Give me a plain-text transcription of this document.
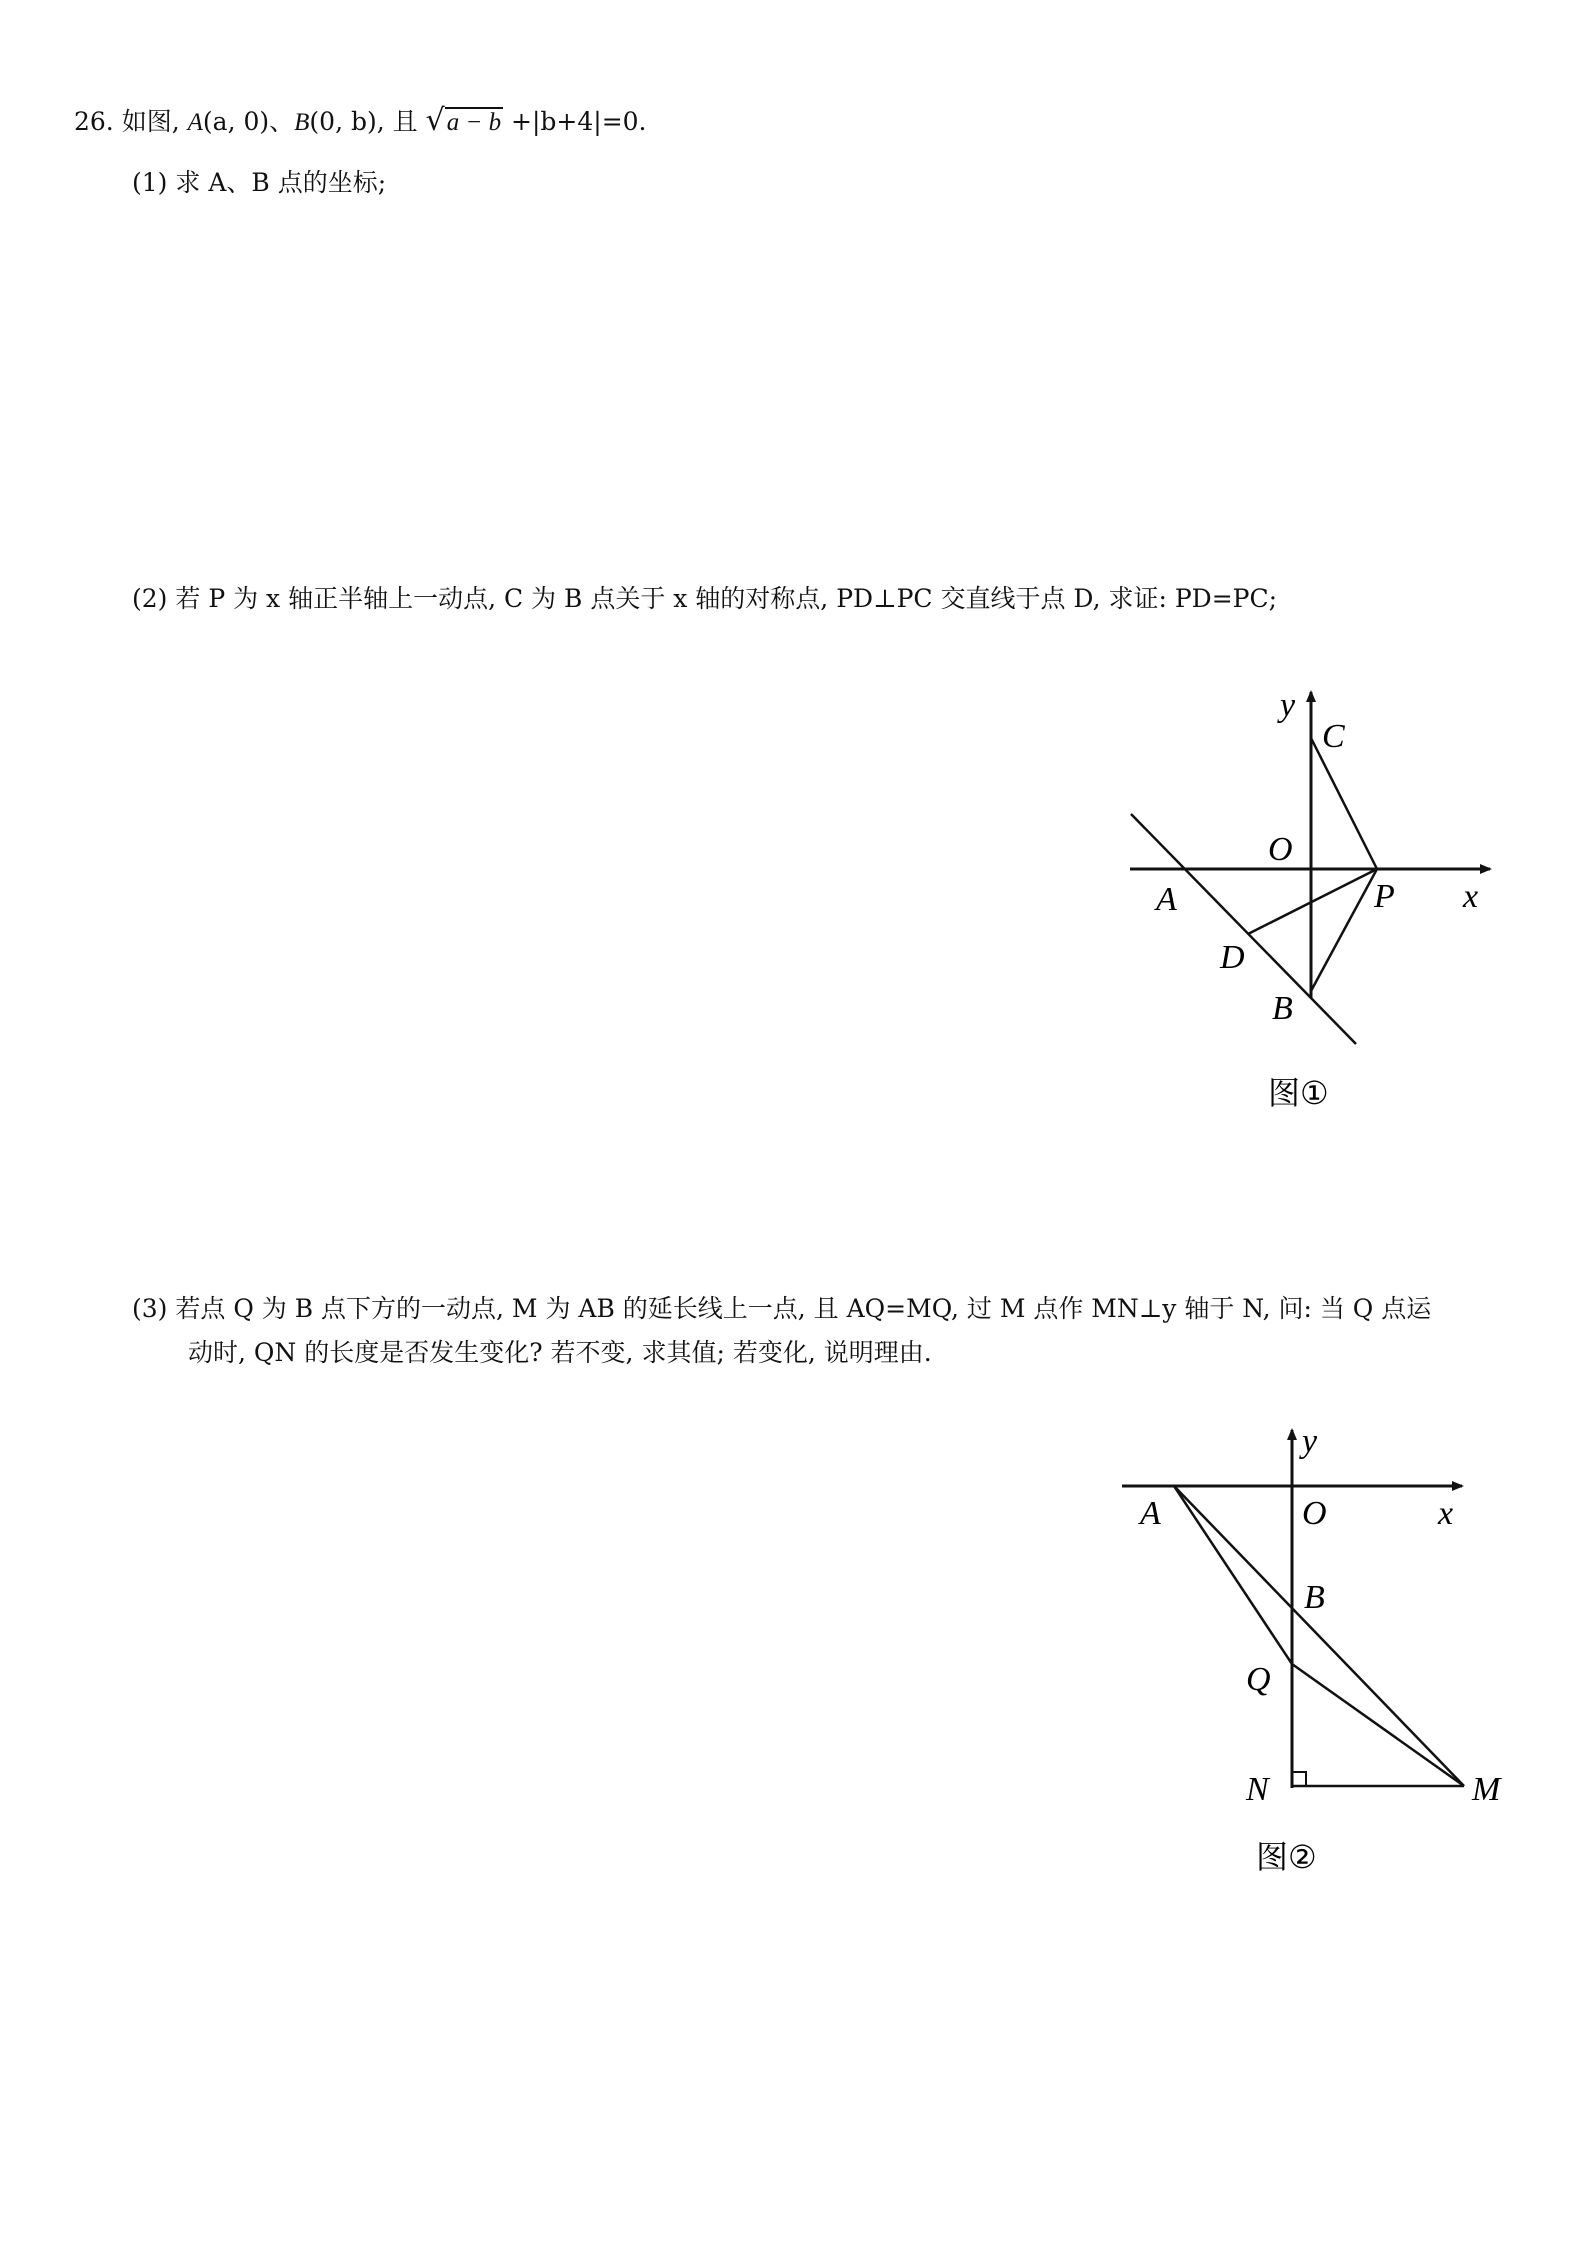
26. 如图, A(a, 0)、B(0, b), 且 √a − b +|b+4|=0.
(1) 求 A、B 点的坐标;
(2) 若 P 为 x 轴正半轴上一动点, C 为 B 点关于 x 轴的对称点, PD⊥PC 交直线于点 D, 求证: PD=PC;
y
C
O
A	P x
D
B
图①
(3) 若点 Q 为 B 点下方的一动点, M 为 AB 的延长线上一点, 且 AQ=MQ, 过 M 点作 MN⊥y 轴于 N, 问: 当 Q 点运
动时, QN 的长度是否发生变化? 若不变, 求其值; 若变化, 说明理由.
y
A	O	x
B
Q
N	M
图②
